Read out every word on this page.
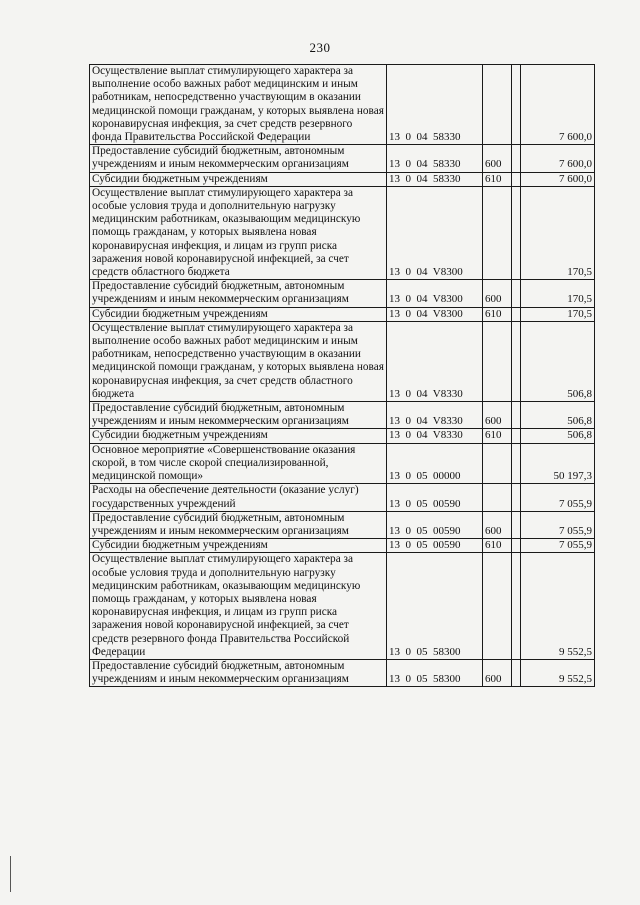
230
Осуществление выплат стимулирующего характера за выполнение особо важных работ медицинским и иным работникам, непосредственно участвующим в оказании медицинской помощи гражданам, у которых выявлена новая коронавирусная инфекция, за счет средств резервного фонда Правительства Российской Федерации	13  0  04  58330			7 600,0
Предоставление субсидий бюджетным, автономным учреждениям и иным некоммерческим организациям	13  0  04  58330	600		7 600,0
Субсидии бюджетным учреждениям	13  0  04  58330	610		7 600,0
Осуществление выплат стимулирующего характера за особые условия труда и дополнительную нагрузку медицинским работникам, оказывающим медицинскую помощь гражданам, у которых выявлена новая коронавирусная инфекция, и лицам из групп риска заражения новой коронавирусной инфекцией, за счет средств областного бюджета	13  0  04  V8300			170,5
Предоставление субсидий бюджетным, автономным учреждениям и иным некоммерческим организациям	13  0  04  V8300	600		170,5
Субсидии бюджетным учреждениям	13  0  04  V8300	610		170,5
Осуществление выплат стимулирующего характера за выполнение особо важных работ медицинским и иным работникам, непосредственно участвующим в оказании медицинской помощи гражданам, у которых выявлена новая коронавирусная инфекция, за счет средств областного бюджета	13  0  04  V8330			506,8
Предоставление субсидий бюджетным, автономным учреждениям и иным некоммерческим организациям	13  0  04  V8330	600		506,8
Субсидии бюджетным учреждениям	13  0  04  V8330	610		506,8
Основное мероприятие «Совершенствование оказания скорой, в том числе скорой специализированной, медицинской помощи»	13  0  05  00000			50 197,3
Расходы на обеспечение деятельности (оказание услуг) государственных учреждений	13  0  05  00590			7 055,9
Предоставление субсидий бюджетным, автономным учреждениям и иным некоммерческим организациям	13  0  05  00590	600		7 055,9
Субсидии бюджетным учреждениям	13  0  05  00590	610		7 055,9
Осуществление выплат стимулирующего характера за особые условия труда и дополнительную нагрузку медицинским работникам, оказывающим медицинскую помощь гражданам, у которых выявлена новая коронавирусная инфекция, и лицам из групп риска заражения новой коронавирусной инфекцией, за счет средств резервного фонда Правительства Российской Федерации	13  0  05  58300			9 552,5
Предоставление субсидий бюджетным, автономным учреждениям и иным некоммерческим организациям	13  0  05  58300	600		9 552,5
